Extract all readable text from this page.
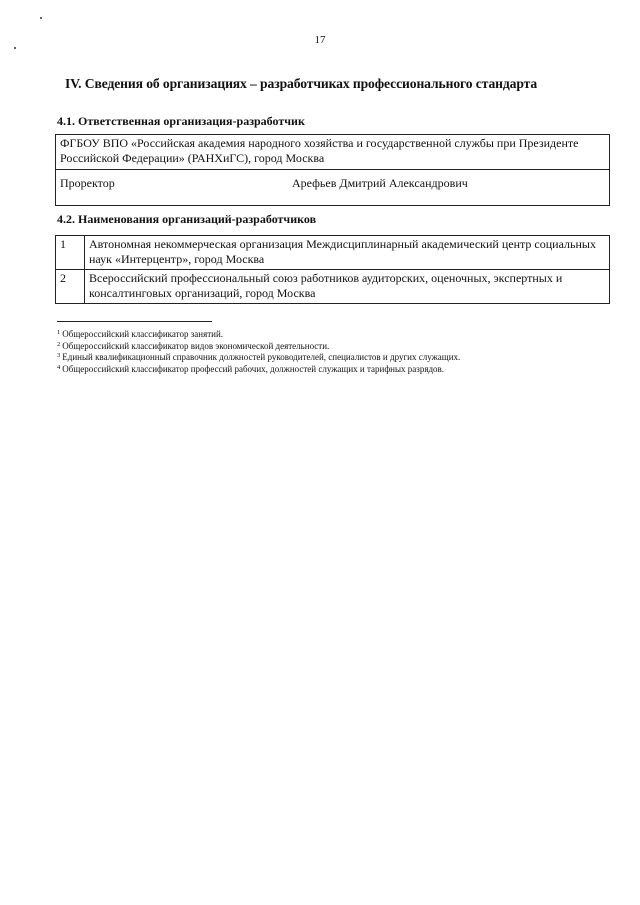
17
IV. Сведения об организациях – разработчиках профессионального стандарта
4.1. Ответственная организация-разработчик
ФГБОУ ВПО «Российская академия народного хозяйства и государственной службы при Президенте Российской Федерации» (РАНХиГС), город Москва

Проректор	Арефьев Дмитрий Александрович
4.2. Наименования организаций-разработчиков
1	Автономная некоммерческая организация Междисциплинарный академический центр социальных наук «Интерцентр», город Москва
2	Всероссийский профессиональный союз работников аудиторских, оценочных, экспертных и консалтинговых организаций, город Москва
$^1$ Общероссийский классификатор занятий.
$^2$ Общероссийский классификатор видов экономической деятельности.
$^3$ Единый квалификационный справочник должностей руководителей, специалистов и других служащих.
$^4$ Общероссийский классификатор профессий рабочих, должностей служащих и тарифных разрядов.
